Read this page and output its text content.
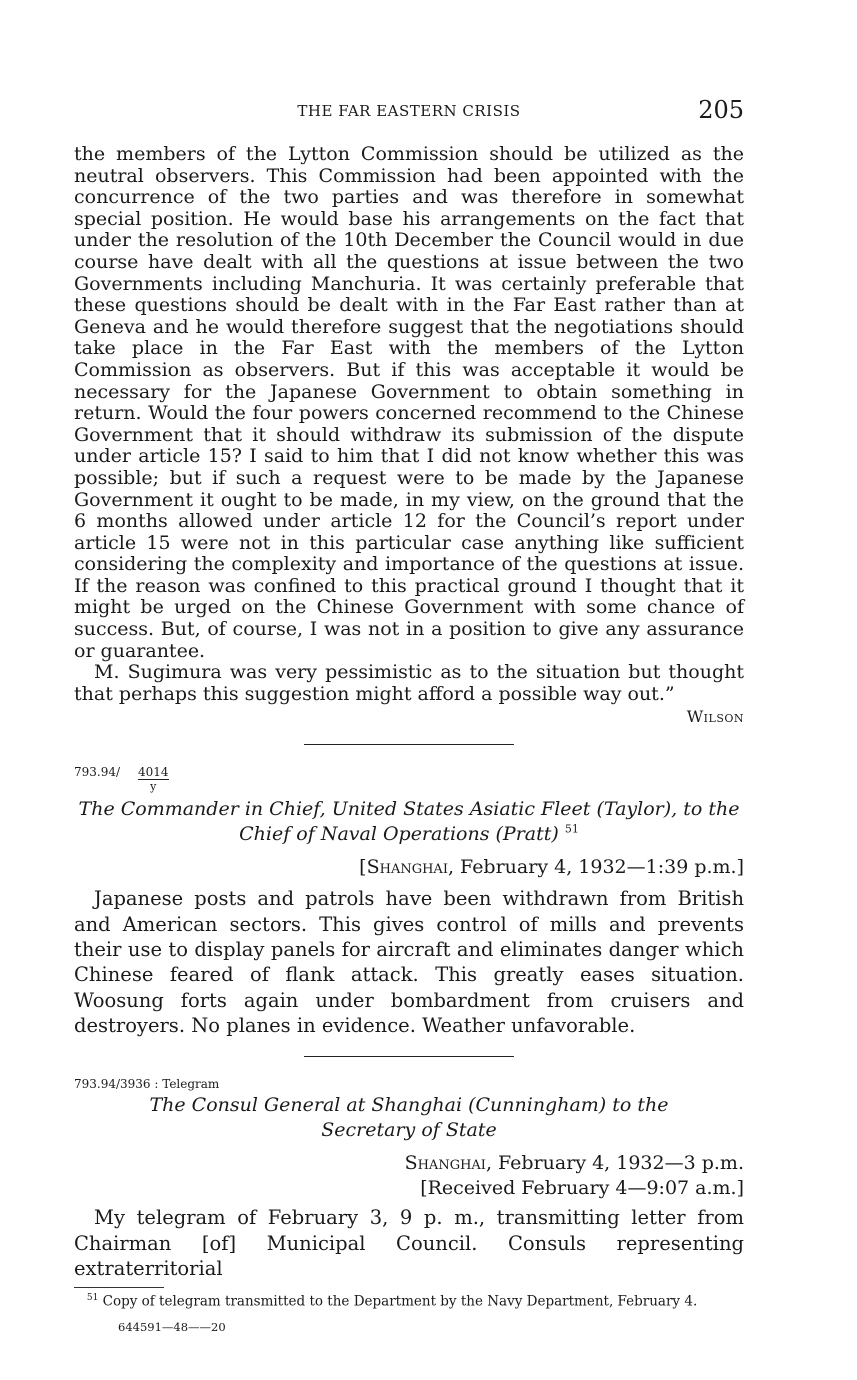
THE FAR EASTERN CRISIS	205

the members of the Lytton Commission should be utilized as the neutral observers. This Commission had been appointed with the concurrence of the two parties and was therefore in somewhat special position. He would base his arrangements on the fact that under the resolution of the 10th December the Council would in due course have dealt with all the questions at issue between the two Governments including Manchuria. It was certainly preferable that these questions should be dealt with in the Far East rather than at Geneva and he would therefore suggest that the negotiations should take place in the Far East with the members of the Lytton Commission as observers. But if this was acceptable it would be necessary for the Japanese Government to obtain something in return. Would the four powers concerned recommend to the Chinese Government that it should withdraw its submission of the dispute under article 15? I said to him that I did not know whether this was possible; but if such a request were to be made by the Japanese Government it ought to be made, in my view, on the ground that the 6 months allowed under article 12 for the Council’s report under article 15 were not in this particular case anything like sufficient considering the complexity and importance of the questions at issue. If the reason was confined to this practical ground I thought that it might be urged on the Chinese Government with some chance of success. But, of course, I was not in a position to give any assurance or guarantee.

M. Sugimura was very pessimistic as to the situation but thought that perhaps this suggestion might afford a possible way out.”

Wilson
$793.94/ \frac{4014}{y}$
The Commander in Chief, United States Asiatic Fleet (Taylor), to the
Chief of Naval Operations (Pratt) $^{51}$
[Shanghai, February 4, 1932—1:39 p.m.]

Japanese posts and patrols have been withdrawn from British and American sectors. This gives control of mills and prevents their use to display panels for aircraft and eliminates danger which Chinese feared of flank attack. This greatly eases situation. Woosung forts again under bombardment from cruisers and destroyers. No planes in evidence. Weather unfavorable.

793.94/3936 : Telegram
The Consul General at Shanghai (Cunningham) to the
Secretary of State
Shanghai, February 4, 1932—3 p.m.
[Received February 4—9:07 a.m.]

My telegram of February 3, 9 p. m., transmitting letter from Chairman [of] Municipal Council. Consuls representing extraterritorial

$^{51}$ Copy of telegram transmitted to the Department by the Navy Department, February 4.
644591—48——20
